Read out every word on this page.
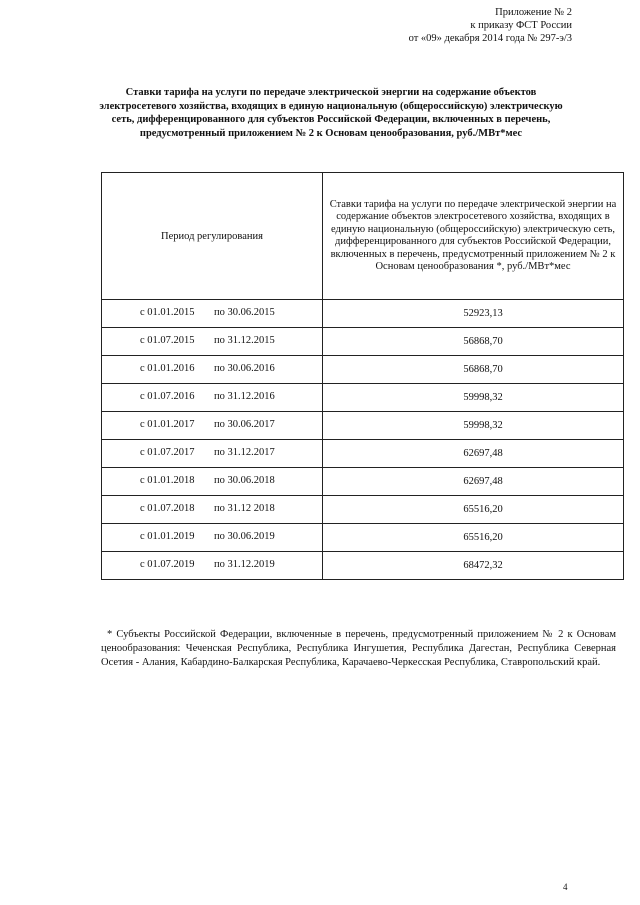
Приложение № 2
к приказу ФСТ России
от «09» декабря 2014 года № 297-э/3
Ставки тарифа на услуги по передаче электрической энергии на содержание объектов электросетевого хозяйства, входящих в единую национальную (общероссийскую) электрическую сеть, дифференцированного для субъектов Российской Федерации, включенных в перечень, предусмотренный приложением № 2 к Основам ценообразования, руб./МВт*мес
Период регулирования	Ставки тарифа на услуги по передаче электрической энергии на содержание объектов электросетевого хозяйства, входящих в единую национальную (общероссийскую) электрическую сеть, дифференцированного для субъектов Российской Федерации, включенных в перечень, предусмотренный приложением № 2 к Основам ценообразования *, руб./МВт*мес

с 01.01.2015 по 30.06.2015	52923,13

с 01.07.2015 по 31.12.2015	56868,70

с 01.01.2016 по 30.06.2016	56868,70

с 01.07.2016 по 31.12.2016	59998,32

с 01.01.2017 по 30.06.2017	59998,32

с 01.07.2017 по 31.12.2017	62697,48

с 01.01.2018 по 30.06.2018	62697,48

с 01.07.2018 по 31.12 2018	65516,20

с 01.01.2019 по 30.06.2019	65516,20

с 01.07.2019 по 31.12.2019	68472,32

* Субъекты Российской Федерации, включенные в перечень, предусмотренный приложением № 2 к Основам ценообразования: Чеченская Республика, Республика Ингушетия, Республика Дагестан, Республика Северная Осетия - Алания, Кабардино-Балкарская Республика, Карачаево-Черкесская Республика, Ставропольский край.

4
